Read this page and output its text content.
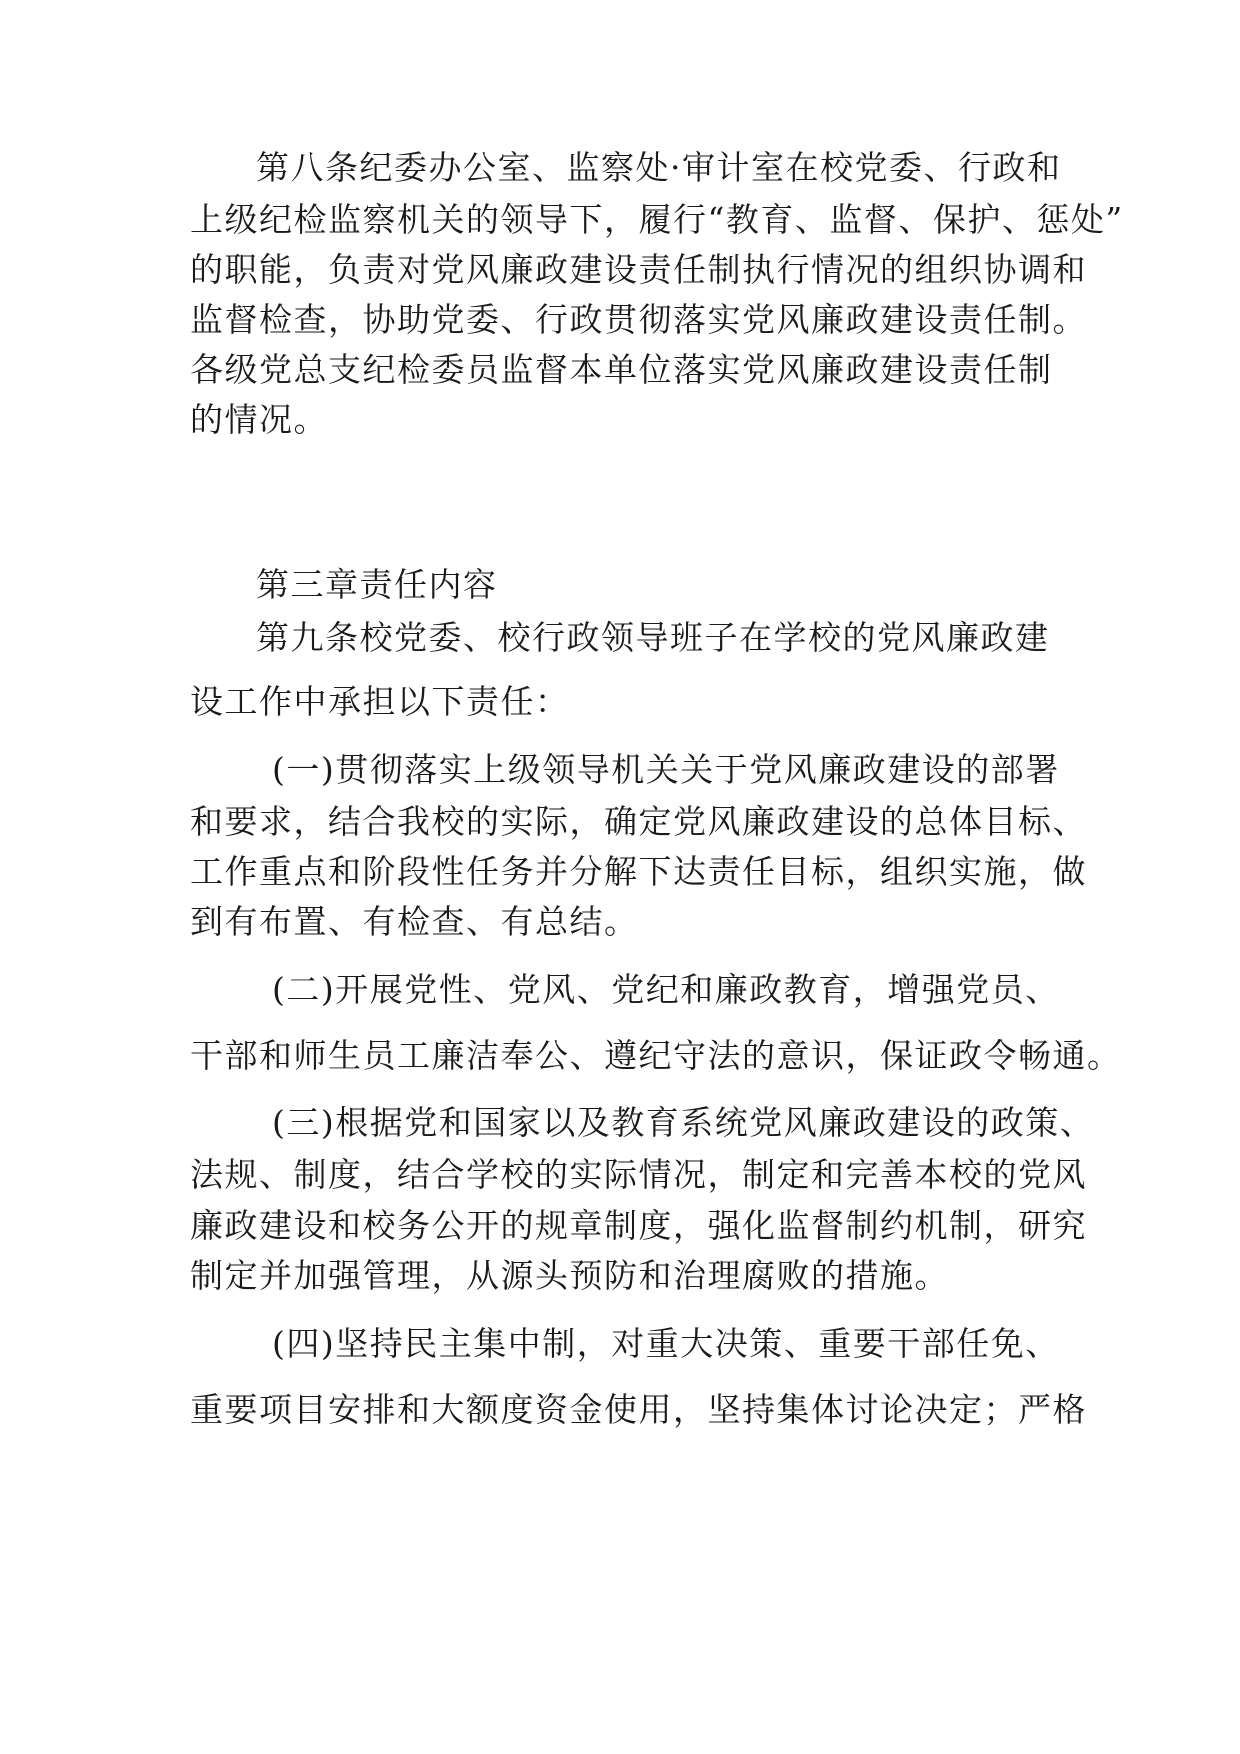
第八条纪委办公室、监察处·审计室在校党委、行政和
上级纪检监察机关的领导下，履行“教育、监督、保护、惩处”
的职能，负责对党风廉政建设责任制执行情况的组织协调和
监督检查，协助党委、行政贯彻落实党风廉政建设责任制。
各级党总支纪检委员监督本单位落实党风廉政建设责任制
的情况。
第三章责任内容
第九条校党委、校行政领导班子在学校的党风廉政建
设工作中承担以下责任：
(一)贯彻落实上级领导机关关于党风廉政建设的部署
和要求，结合我校的实际，确定党风廉政建设的总体目标、
工作重点和阶段性任务并分解下达责任目标，组织实施，做
到有布置、有检查、有总结。
(二)开展党性、党风、党纪和廉政教育，增强党员、
干部和师生员工廉洁奉公、遵纪守法的意识，保证政令畅通。
(三)根据党和国家以及教育系统党风廉政建设的政策、
法规、制度，结合学校的实际情况，制定和完善本校的党风
廉政建设和校务公开的规章制度，强化监督制约机制，研究
制定并加强管理，从源头预防和治理腐败的措施。
(四)坚持民主集中制，对重大决策、重要干部任免、
重要项目安排和大额度资金使用，坚持集体讨论决定；严格
